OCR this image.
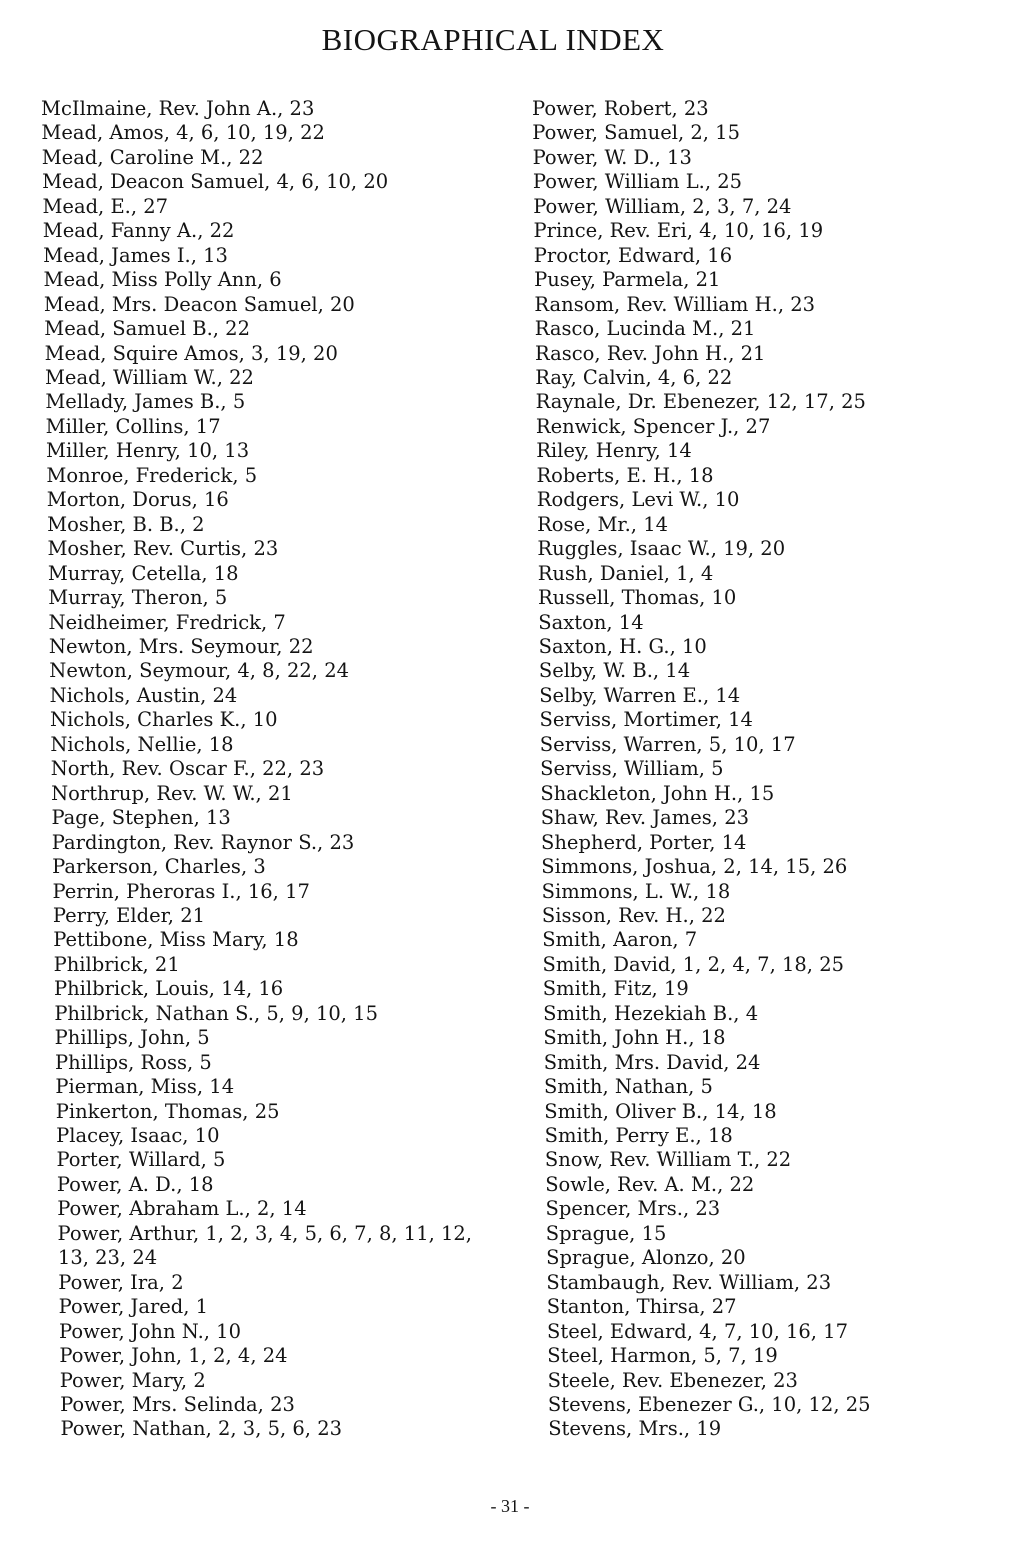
BIOGRAPHICAL INDEX
McIlmaine, Rev. John A., 23
Mead, Amos, 4, 6, 10, 19, 22
Mead, Caroline M., 22
Mead, Deacon Samuel, 4, 6, 10, 20
Mead, E., 27
Mead, Fanny A., 22
Mead, James I., 13
Mead, Miss Polly Ann, 6
Mead, Mrs. Deacon Samuel, 20
Mead, Samuel B., 22
Mead, Squire Amos, 3, 19, 20
Mead, William W., 22
Mellady, James B., 5
Miller, Collins, 17
Miller, Henry, 10, 13
Monroe, Frederick, 5
Morton, Dorus, 16
Mosher, B. B., 2
Mosher, Rev. Curtis, 23
Murray, Cetella, 18
Murray, Theron, 5
Neidheimer, Fredrick, 7
Newton, Mrs. Seymour, 22
Newton, Seymour, 4, 8, 22, 24
Nichols, Austin, 24
Nichols, Charles K., 10
Nichols, Nellie, 18
North, Rev. Oscar F., 22, 23
Northrup, Rev. W. W., 21
Page, Stephen, 13
Pardington, Rev. Raynor S., 23
Parkerson, Charles, 3
Perrin, Pheroras I., 16, 17
Perry, Elder, 21
Pettibone, Miss Mary, 18
Philbrick, 21
Philbrick, Louis, 14, 16
Philbrick, Nathan S., 5, 9, 10, 15
Phillips, John, 5
Phillips, Ross, 5
Pierman, Miss, 14
Pinkerton, Thomas, 25
Placey, Isaac, 10
Porter, Willard, 5
Power, A. D., 18
Power, Abraham L., 2, 14
Power, Arthur, 1, 2, 3, 4, 5, 6, 7, 8, 11, 12,
13, 23, 24
Power, Ira, 2
Power, Jared, 1
Power, John N., 10
Power, John, 1, 2, 4, 24
Power, Mary, 2
Power, Mrs. Selinda, 23
Power, Nathan, 2, 3, 5, 6, 23
Power, Robert, 23
Power, Samuel, 2, 15
Power, W. D., 13
Power, William L., 25
Power, William, 2, 3, 7, 24
Prince, Rev. Eri, 4, 10, 16, 19
Proctor, Edward, 16
Pusey, Parmela, 21
Ransom, Rev. William H., 23
Rasco, Lucinda M., 21
Rasco, Rev. John H., 21
Ray, Calvin, 4, 6, 22
Raynale, Dr. Ebenezer, 12, 17, 25
Renwick, Spencer J., 27
Riley, Henry, 14
Roberts, E. H., 18
Rodgers, Levi W., 10
Rose, Mr., 14
Ruggles, Isaac W., 19, 20
Rush, Daniel, 1, 4
Russell, Thomas, 10
Saxton, 14
Saxton, H. G., 10
Selby, W. B., 14
Selby, Warren E., 14
Serviss, Mortimer, 14
Serviss, Warren, 5, 10, 17
Serviss, William, 5
Shackleton, John H., 15
Shaw, Rev. James, 23
Shepherd, Porter, 14
Simmons, Joshua, 2, 14, 15, 26
Simmons, L. W., 18
Sisson, Rev. H., 22
Smith, Aaron, 7
Smith, David, 1, 2, 4, 7, 18, 25
Smith, Fitz, 19
Smith, Hezekiah B., 4
Smith, John H., 18
Smith, Mrs. David, 24
Smith, Nathan, 5
Smith, Oliver B., 14, 18
Smith, Perry E., 18
Snow, Rev. William T., 22
Sowle, Rev. A. M., 22
Spencer, Mrs., 23
Sprague, 15
Sprague, Alonzo, 20
Stambaugh, Rev. William, 23
Stanton, Thirsa, 27
Steel, Edward, 4, 7, 10, 16, 17
Steel, Harmon, 5, 7, 19
Steele, Rev. Ebenezer, 23
Stevens, Ebenezer G., 10, 12, 25
Stevens, Mrs., 19
- 31 -
